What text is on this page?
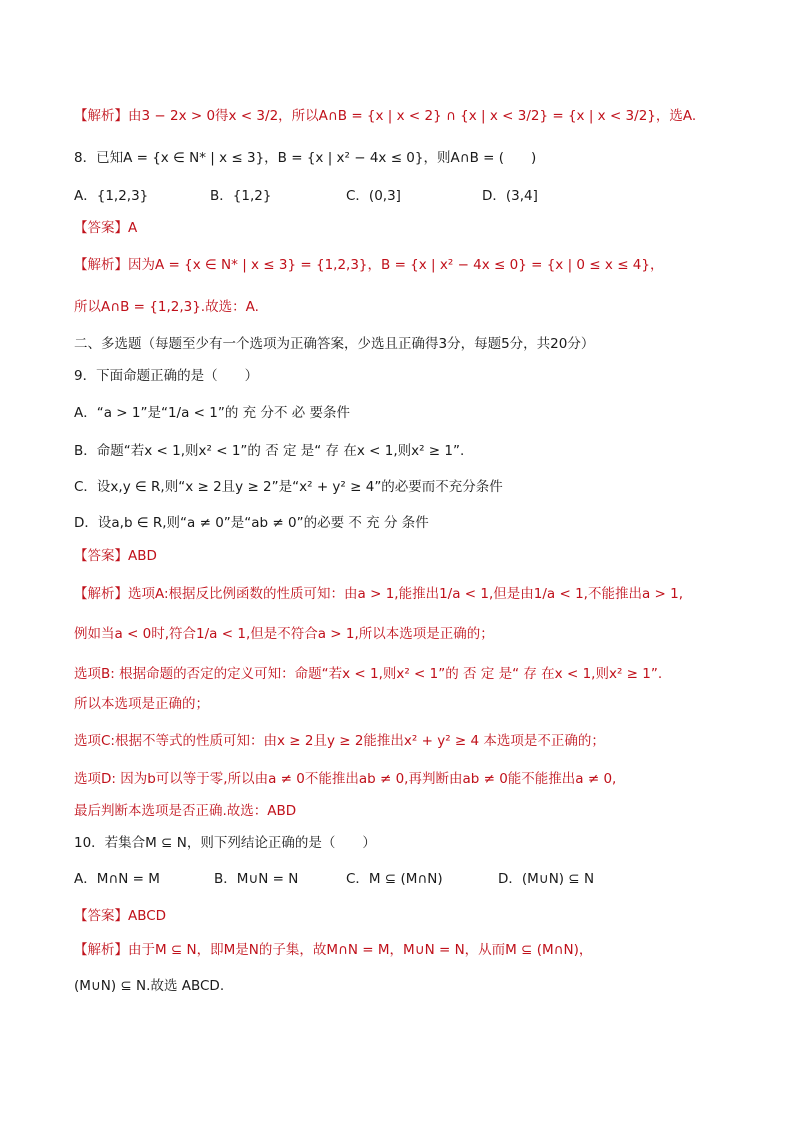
【解析】由3 − 2x > 0得x < 3/2，所以A∩B = {x | x < 2} ∩ {x | x < 3/2} = {x | x < 3/2}，选A.
8．已知A = {x ∈ N* | x ≤ 3}，B = {x | x² − 4x ≤ 0}，则A∩B = (　　)
A．{1,2,3}	B．{1,2}	C．(0,3]	D．(3,4]
【答案】A
【解析】因为A = {x ∈ N* | x ≤ 3} = {1,2,3}，B = {x | x² − 4x ≤ 0} = {x | 0 ≤ x ≤ 4}，
所以A∩B = {1,2,3}.故选：A.
二、多选题（每题至少有一个选项为正确答案，少选且正确得3分，每题5分，共20分）
9．下面命题正确的是（　　）
A．“a > 1”是“1/a < 1”的 充 分不 必 要条件
B．命题“若x < 1,则x² < 1”的 否 定 是“ 存 在x < 1,则x² ≥ 1”.
C．设x,y ∈ R,则“x ≥ 2且y ≥ 2”是“x² + y² ≥ 4”的必要而不充分条件
D．设a,b ∈ R,则“a ≠ 0”是“ab ≠ 0”的必要 不 充 分 条件
【答案】ABD
【解析】选项A:根据反比例函数的性质可知：由a > 1,能推出1/a < 1,但是由1/a < 1,不能推出a > 1,
例如当a < 0时,符合1/a < 1,但是不符合a > 1,所以本选项是正确的；
选项B: 根据命题的否定的定义可知：命题“若x < 1,则x² < 1”的 否 定 是“ 存 在x < 1,则x² ≥ 1”.
所以本选项是正确的；
选项C:根据不等式的性质可知：由x ≥ 2且y ≥ 2能推出x² + y² ≥ 4 本选项是不正确的；
选项D: 因为b可以等于零,所以由a ≠ 0不能推出ab ≠ 0,再判断由ab ≠ 0能不能推出a ≠ 0,
最后判断本选项是否正确.故选：ABD
10．若集合M ⊆ N，则下列结论正确的是（　　）
A．M∩N = M	B．M∪N = N	C．M ⊆ (M∩N)	D．(M∪N) ⊆ N
【答案】ABCD
【解析】由于M ⊆ N，即M是N的子集，故M∩N = M，M∪N = N，从而M ⊆ (M∩N)，
(M∪N) ⊆ N.故选 ABCD.
